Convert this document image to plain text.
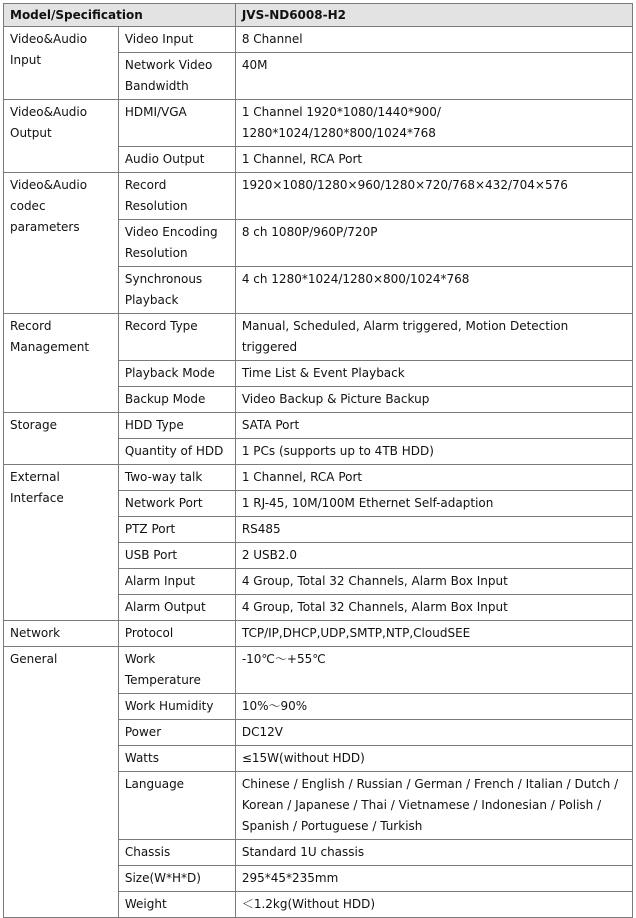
Model/Specification		JVS-ND6008-H2
Video&Audio Input	Video Input	8 Channel
	Network Video Bandwidth	40M
Video&Audio Output	HDMI/VGA	1 Channel 1920*1080/1440*900/ 1280*1024/1280*800/1024*768
	Audio Output	1 Channel, RCA Port
Video&Audio codec parameters	Record Resolution	1920×1080/1280×960/1280×720/768×432/704×576
	Video Encoding Resolution	8 ch 1080P/960P/720P
	Synchronous Playback	4 ch 1280*1024/1280×800/1024*768
Record Management	Record Type	Manual, Scheduled, Alarm triggered, Motion Detection triggered
	Playback Mode	Time List & Event Playback
	Backup Mode	Video Backup & Picture Backup
Storage	HDD Type	SATA Port
	Quantity of HDD	1 PCs (supports up to 4TB HDD)
External Interface	Two-way talk	1 Channel, RCA Port
	Network Port	1 RJ-45, 10M/100M Ethernet Self-adaption
	PTZ Port	RS485
	USB Port	2 USB2.0
	Alarm Input	4 Group, Total 32 Channels, Alarm Box Input
	Alarm Output	4 Group, Total 32 Channels, Alarm Box Input
Network	Protocol	TCP/IP,DHCP,UDP,SMTP,NTP,CloudSEE
General	Work Temperature	-10℃～+55℃
	Work Humidity	10%～90%
	Power	DC12V
	Watts	≤15W(without HDD)
	Language	Chinese / English / Russian / German / French / Italian / Dutch / Korean / Japanese / Thai / Vietnamese / Indonesian / Polish / Spanish / Portuguese / Turkish
	Chassis	Standard 1U chassis
	Size(W*H*D)	295*45*235mm
	Weight	＜1.2kg(Without HDD)
